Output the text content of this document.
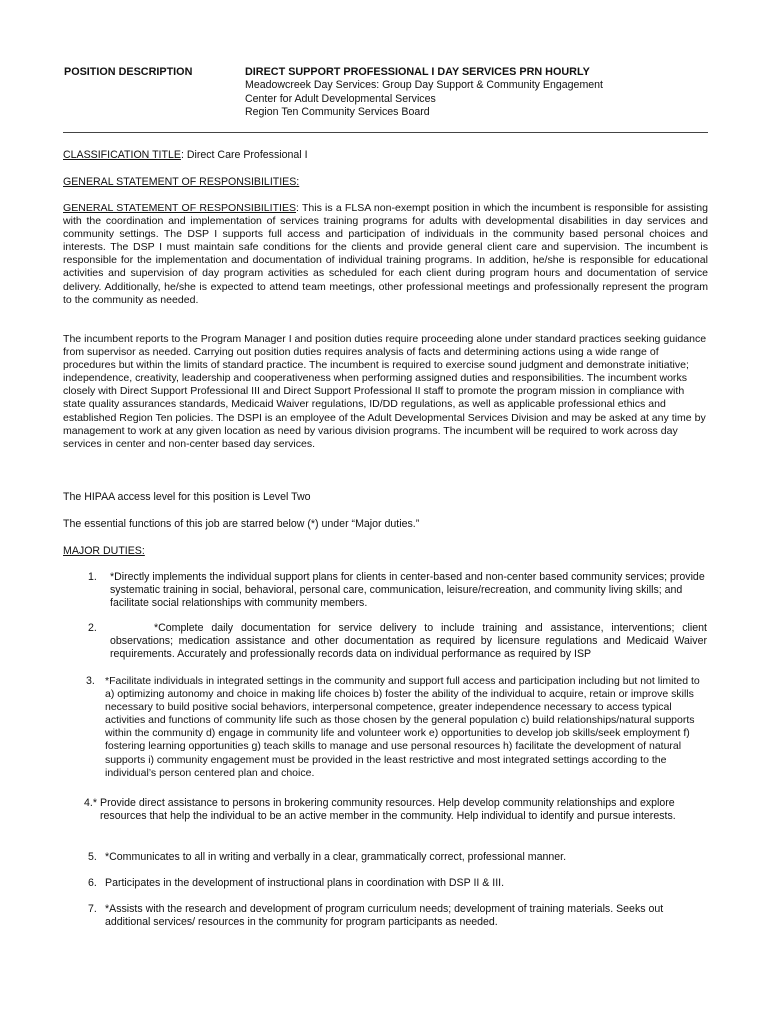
POSITION DESCRIPTION	DIRECT SUPPORT PROFESSIONAL I DAY SERVICES PRN HOURLY
Meadowcreek Day Services: Group Day Support & Community Engagement
Center for Adult Developmental Services
Region Ten Community Services Board
CLASSIFICATION TITLE: Direct Care Professional I
GENERAL STATEMENT OF RESPONSIBILITIES:
GENERAL STATEMENT OF RESPONSIBILITIES: This is a FLSA non-exempt position in which the incumbent is responsible for assisting with the coordination and implementation of services training programs for adults with developmental disabilities in day services and community settings. The DSP I supports full access and participation of individuals in the community based personal choices and interests. The DSP I must maintain safe conditions for the clients and provide general client care and supervision. The incumbent is responsible for the implementation and documentation of individual training programs. In addition, he/she is responsible for educational activities and supervision of day program activities as scheduled for each client during program hours and documentation of service delivery. Additionally, he/she is expected to attend team meetings, other professional meetings and professionally represent the program to the community as needed.
The incumbent reports to the Program Manager I and position duties require proceeding alone under standard practices seeking guidance from supervisor as needed. Carrying out position duties requires analysis of facts and determining actions using a wide range of procedures but within the limits of standard practice. The incumbent is required to exercise sound judgment and demonstrate initiative; independence, creativity, leadership and cooperativeness when performing assigned duties and responsibilities. The incumbent works closely with Direct Support Professional III and Direct Support Professional II staff to promote the program mission in compliance with state quality assurances standards, Medicaid Waiver regulations, ID/DD regulations, as well as applicable professional ethics and established Region Ten policies. The DSPI is an employee of the Adult Developmental Services Division and may be asked at any time by management to work at any given location as need by various division programs. The incumbent will be required to work across day services in center and non-center based day services.
The HIPAA access level for this position is Level Two
The essential functions of this job are starred below (*) under “Major duties.”
MAJOR DUTIES:
1. *Directly implements the individual support plans for clients in center-based and non-center based community services; provide systematic training in social, behavioral, personal care, communication, leisure/recreation, and community living skills; and facilitate social relationships with community members.
2.	*Complete daily documentation for service delivery to include training and assistance, interventions; client observations; medication assistance and other documentation as required by licensure regulations and Medicaid Waiver requirements. Accurately and professionally records data on individual performance as required by ISP
3. *Facilitate individuals in integrated settings in the community and support full access and participation including but not limited to a) optimizing autonomy and choice in making life choices b) foster the ability of the individual to acquire, retain or improve skills necessary to build positive social behaviors, interpersonal competence, greater independence necessary to access typical activities and functions of community life such as those chosen by the general population c) build relationships/natural supports within the community d) engage in community life and volunteer work e) opportunities to develop job skills/seek employment f) fostering learning opportunities g) teach skills to manage and use personal resources h) facilitate the development of natural supports i) community engagement must be provided in the least restrictive and most integrated settings according to the individual’s person centered plan and choice.
4.* Provide direct assistance to persons in brokering community resources. Help develop community relationships and explore resources that help the individual to be an active member in the community. Help individual to identify and pursue interests.
5. *Communicates to all in writing and verbally in a clear, grammatically correct, professional manner.
6. Participates in the development of instructional plans in coordination with DSP II & III.
7. *Assists with the research and development of program curriculum needs; development of training materials. Seeks out additional services/ resources in the community for program participants as needed.
